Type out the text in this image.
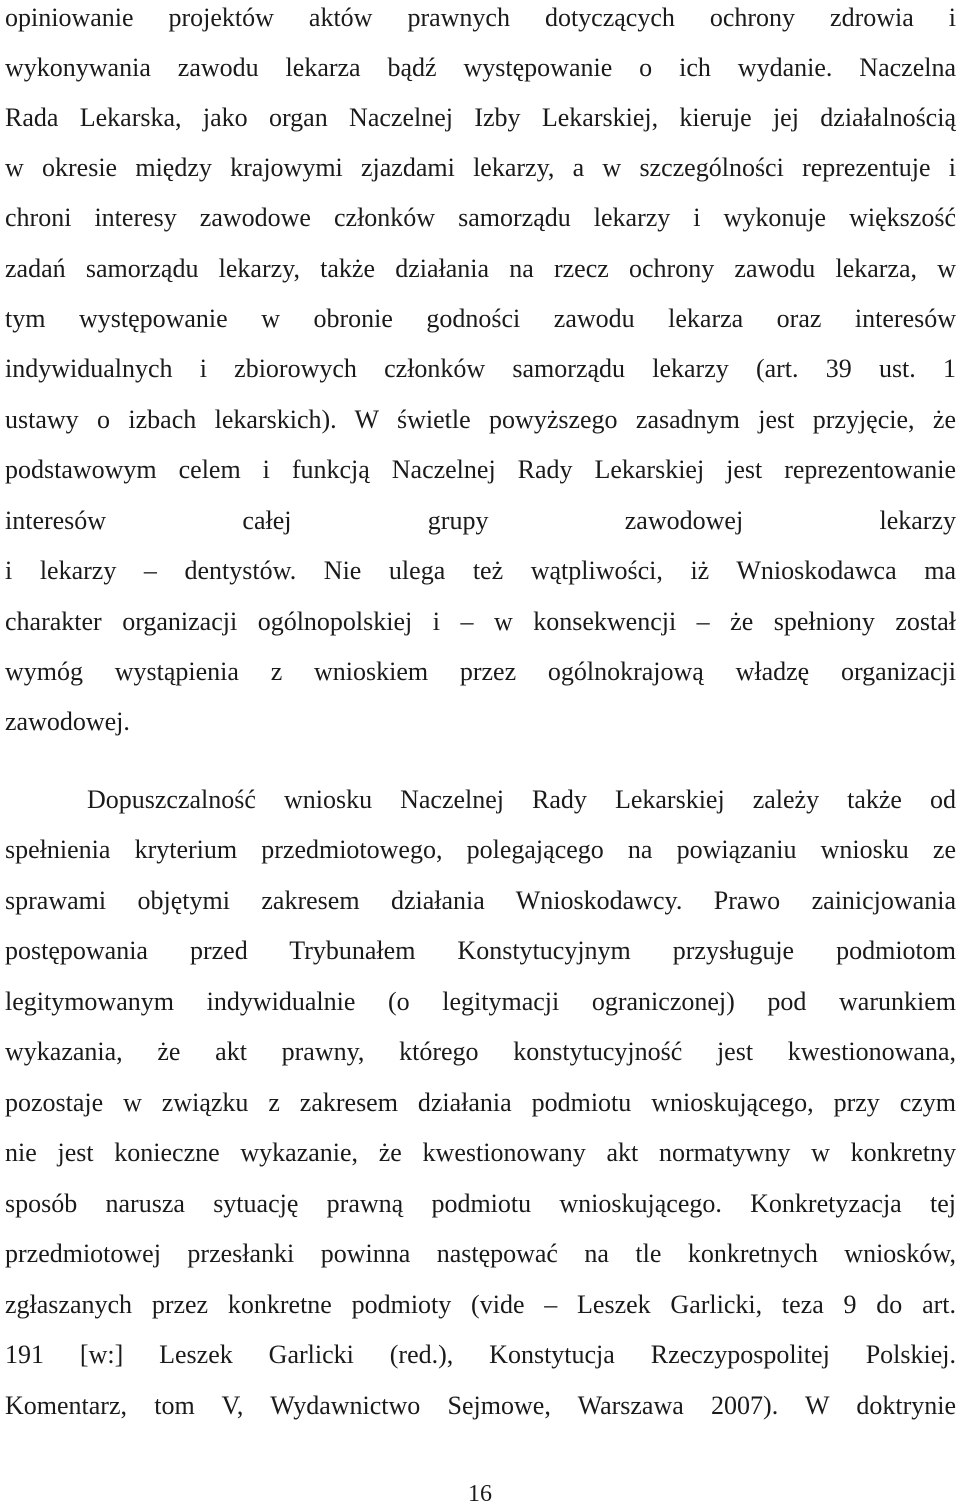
opiniowanie projektów aktów prawnych dotyczących ochrony zdrowia i
wykonywania zawodu lekarza bądź występowanie o ich wydanie. Naczelna
Rada Lekarska, jako organ Naczelnej Izby Lekarskiej, kieruje jej działalnością
w okresie między krajowymi zjazdami lekarzy, a w szczególności reprezentuje i
chroni interesy zawodowe członków samorządu lekarzy i wykonuje większość
zadań samorządu lekarzy, także działania na rzecz ochrony zawodu lekarza, w
tym występowanie w obronie godności zawodu lekarza oraz interesów
indywidualnych i zbiorowych członków samorządu lekarzy (art. 39 ust. 1
ustawy o izbach lekarskich). W świetle powyższego zasadnym jest przyjęcie, że
podstawowym celem i funkcją Naczelnej Rady Lekarskiej jest reprezentowanie
interesów całej grupy zawodowej lekarzy
i lekarzy – dentystów. Nie ulega też wątpliwości, iż Wnioskodawca ma
charakter organizacji ogólnopolskiej i – w konsekwencji – że spełniony został
wymóg wystąpienia z wnioskiem przez ogólnokrajową władzę organizacji
zawodowej.
Dopuszczalność wniosku Naczelnej Rady Lekarskiej zależy także od
spełnienia kryterium przedmiotowego, polegającego na powiązaniu wniosku ze
sprawami objętymi zakresem działania Wnioskodawcy. Prawo zainicjowania
postępowania przed Trybunałem Konstytucyjnym przysługuje podmiotom
legitymowanym indywidualnie (o legitymacji ograniczonej) pod warunkiem
wykazania, że akt prawny, którego konstytucyjność jest kwestionowana,
pozostaje w związku z zakresem działania podmiotu wnioskującego, przy czym
nie jest konieczne wykazanie, że kwestionowany akt normatywny w konkretny
sposób narusza sytuację prawną podmiotu wnioskującego. Konkretyzacja tej
przedmiotowej przesłanki powinna następować na tle konkretnych wniosków,
zgłaszanych przez konkretne podmioty (vide – Leszek Garlicki, teza 9 do art.
191 [w:] Leszek Garlicki (red.), Konstytucja Rzeczypospolitej Polskiej.
Komentarz, tom V, Wydawnictwo Sejmowe, Warszawa 2007). W doktrynie
16
